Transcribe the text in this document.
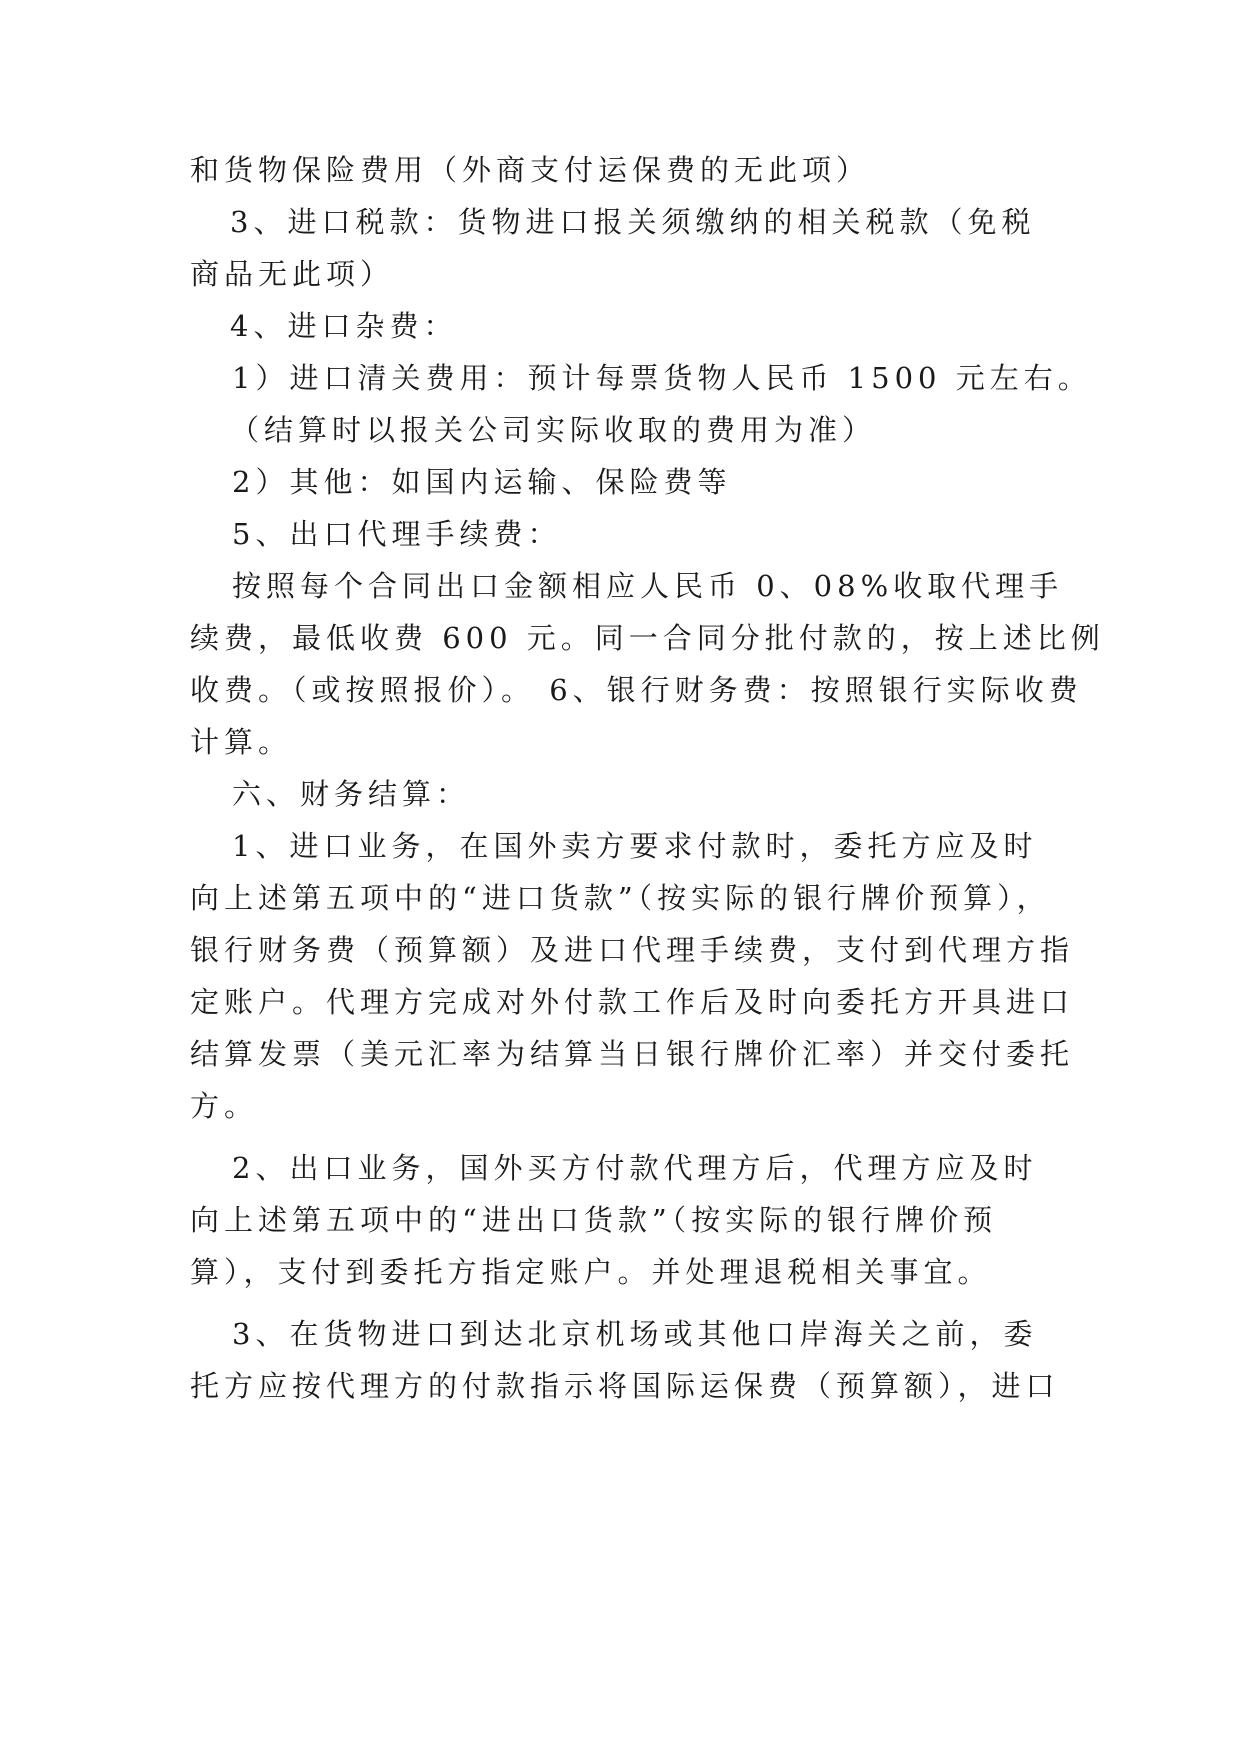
和货物保险费用（外商支付运保费的无此项）
3、进口税款：货物进口报关须缴纳的相关税款（免税
商品无此项）
4、进口杂费：
1）进口清关费用：预计每票货物人民币 1500 元左右。
（结算时以报关公司实际收取的费用为准）
2）其他：如国内运输、保险费等
5、出口代理手续费：
按照每个合同出口金额相应人民币 0、08%收取代理手
续费，最低收费 600 元。同一合同分批付款的，按上述比例
收费。（或按照报价）。 6、银行财务费：按照银行实际收费
计算。
六、财务结算：
1、进口业务，在国外卖方要求付款时，委托方应及时
向上述第五项中的“进口货款”（按实际的银行牌价预算），
银行财务费（预算额）及进口代理手续费，支付到代理方指
定账户。代理方完成对外付款工作后及时向委托方开具进口
结算发票（美元汇率为结算当日银行牌价汇率）并交付委托
方。
2、出口业务，国外买方付款代理方后，代理方应及时
向上述第五项中的“进出口货款”（按实际的银行牌价预
算），支付到委托方指定账户。并处理退税相关事宜。
3、在货物进口到达北京机场或其他口岸海关之前，委
托方应按代理方的付款指示将国际运保费（预算额），进口
